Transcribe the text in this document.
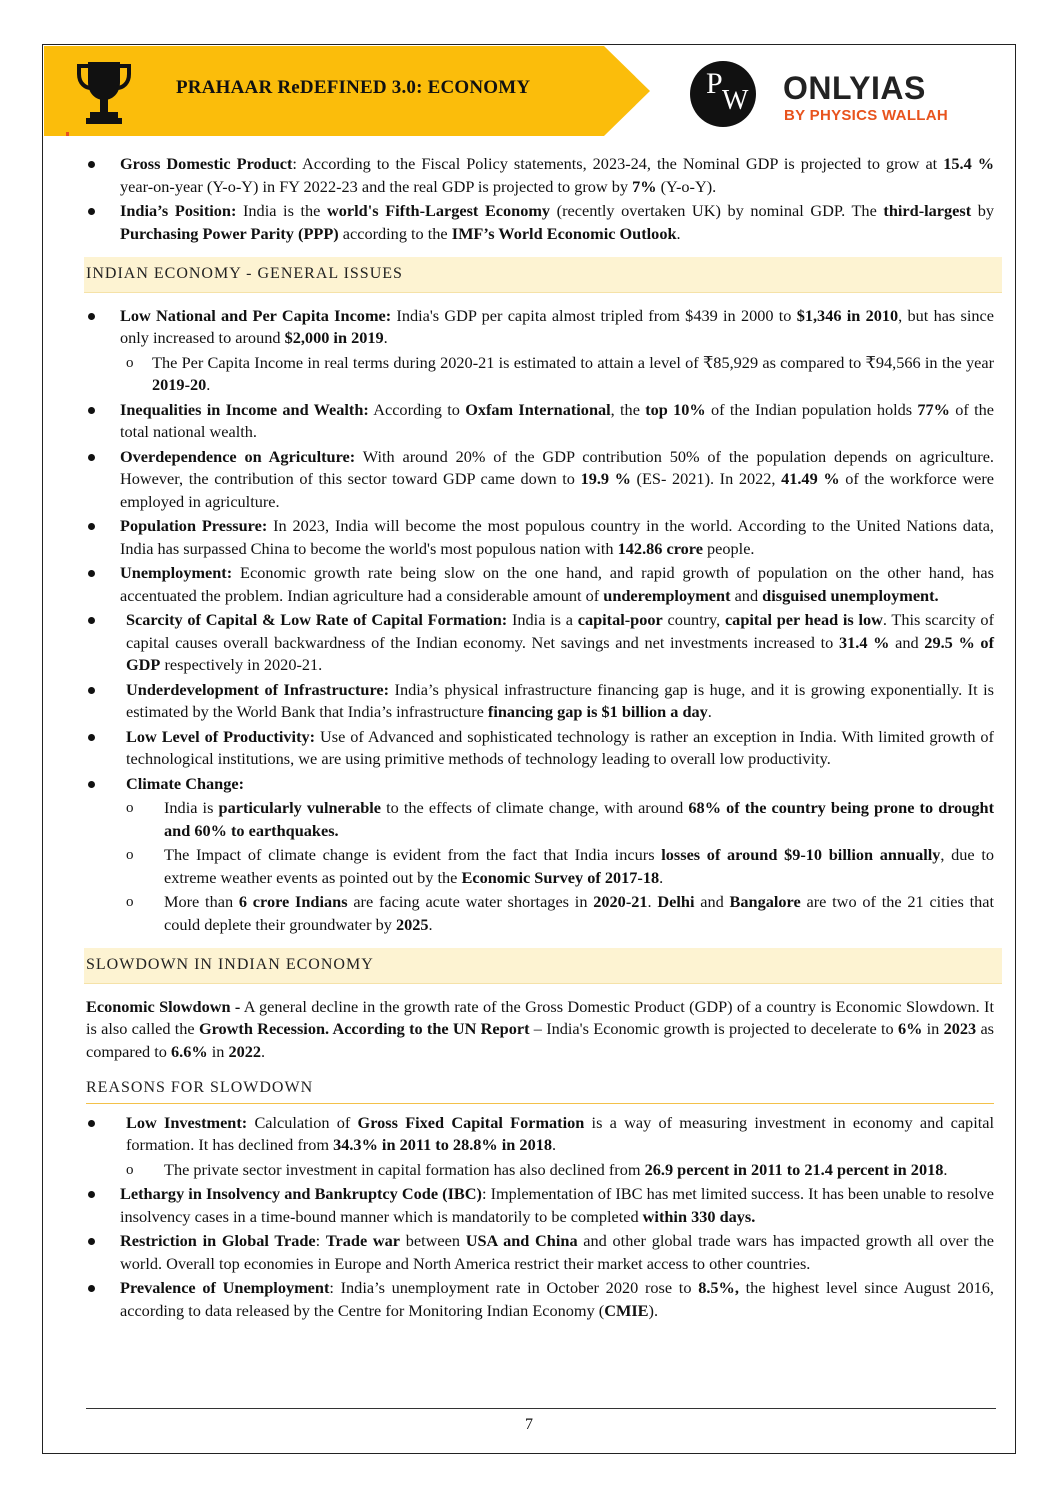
PRAHAAR ReDEFINED 3.0: ECONOMY	P
W ONLYIAS
BY PHYSICS WALLAH
Gross Domestic Product: According to the Fiscal Policy statements, 2023-24, the Nominal GDP is projected to grow at 15.4 % year-on-year (Y-o-Y) in FY 2022-23 and the real GDP is projected to grow by 7% (Y-o-Y).
India’s Position: India is the world's Fifth-Largest Economy (recently overtaken UK) by nominal GDP. The third-largest by Purchasing Power Parity (PPP) according to the IMF’s World Economic Outlook.
INDIAN ECONOMY - GENERAL ISSUES
Low National and Per Capita Income: India's GDP per capita almost tripled from $439 in 2000 to $1,346 in 2010, but has since only increased to around $2,000 in 2019.
o The Per Capita Income in real terms during 2020-21 is estimated to attain a level of ₹85,929 as compared to ₹94,566 in the year 2019-20.
Inequalities in Income and Wealth: According to Oxfam International, the top 10% of the Indian population holds 77% of the total national wealth.
Overdependence on Agriculture: With around 20% of the GDP contribution 50% of the population depends on agriculture. However, the contribution of this sector toward GDP came down to 19.9 % (ES- 2021). In 2022, 41.49 % of the workforce were employed in agriculture.
Population Pressure: In 2023, India will become the most populous country in the world. According to the United Nations data, India has surpassed China to become the world's most populous nation with 142.86 crore people.
Unemployment: Economic growth rate being slow on the one hand, and rapid growth of population on the other hand, has accentuated the problem. Indian agriculture had a considerable amount of underemployment and disguised unemployment.
Scarcity of Capital & Low Rate of Capital Formation: India is a capital-poor country, capital per head is low. This scarcity of capital causes overall backwardness of the Indian economy. Net savings and net investments increased to 31.4 % and 29.5 % of GDP respectively in 2020-21.
Underdevelopment of Infrastructure: India’s physical infrastructure financing gap is huge, and it is growing exponentially. It is estimated by the World Bank that India’s infrastructure financing gap is $1 billion a day.
Low Level of Productivity: Use of Advanced and sophisticated technology is rather an exception in India. With limited growth of technological institutions, we are using primitive methods of technology leading to overall low productivity.
Climate Change:
o India is particularly vulnerable to the effects of climate change, with around 68% of the country being prone to drought and 60% to earthquakes.
o The Impact of climate change is evident from the fact that India incurs losses of around $9-10 billion annually, due to extreme weather events as pointed out by the Economic Survey of 2017-18.
o More than 6 crore Indians are facing acute water shortages in 2020-21. Delhi and Bangalore are two of the 21 cities that could deplete their groundwater by 2025.
SLOWDOWN IN INDIAN ECONOMY
Economic Slowdown - A general decline in the growth rate of the Gross Domestic Product (GDP) of a country is Economic Slowdown. It is also called the Growth Recession. According to the UN Report – India's Economic growth is projected to decelerate to 6% in 2023 as compared to 6.6% in 2022.
REASONS FOR SLOWDOWN
Low Investment: Calculation of Gross Fixed Capital Formation is a way of measuring investment in economy and capital formation. It has declined from 34.3% in 2011 to 28.8% in 2018.
o The private sector investment in capital formation has also declined from 26.9 percent in 2011 to 21.4 percent in 2018.
Lethargy in Insolvency and Bankruptcy Code (IBC): Implementation of IBC has met limited success. It has been unable to resolve insolvency cases in a time-bound manner which is mandatorily to be completed within 330 days.
Restriction in Global Trade: Trade war between USA and China and other global trade wars has impacted growth all over the world. Overall top economies in Europe and North America restrict their market access to other countries.
Prevalence of Unemployment: India’s unemployment rate in October 2020 rose to 8.5%, the highest level since August 2016, according to data released by the Centre for Monitoring Indian Economy (CMIE).
7
